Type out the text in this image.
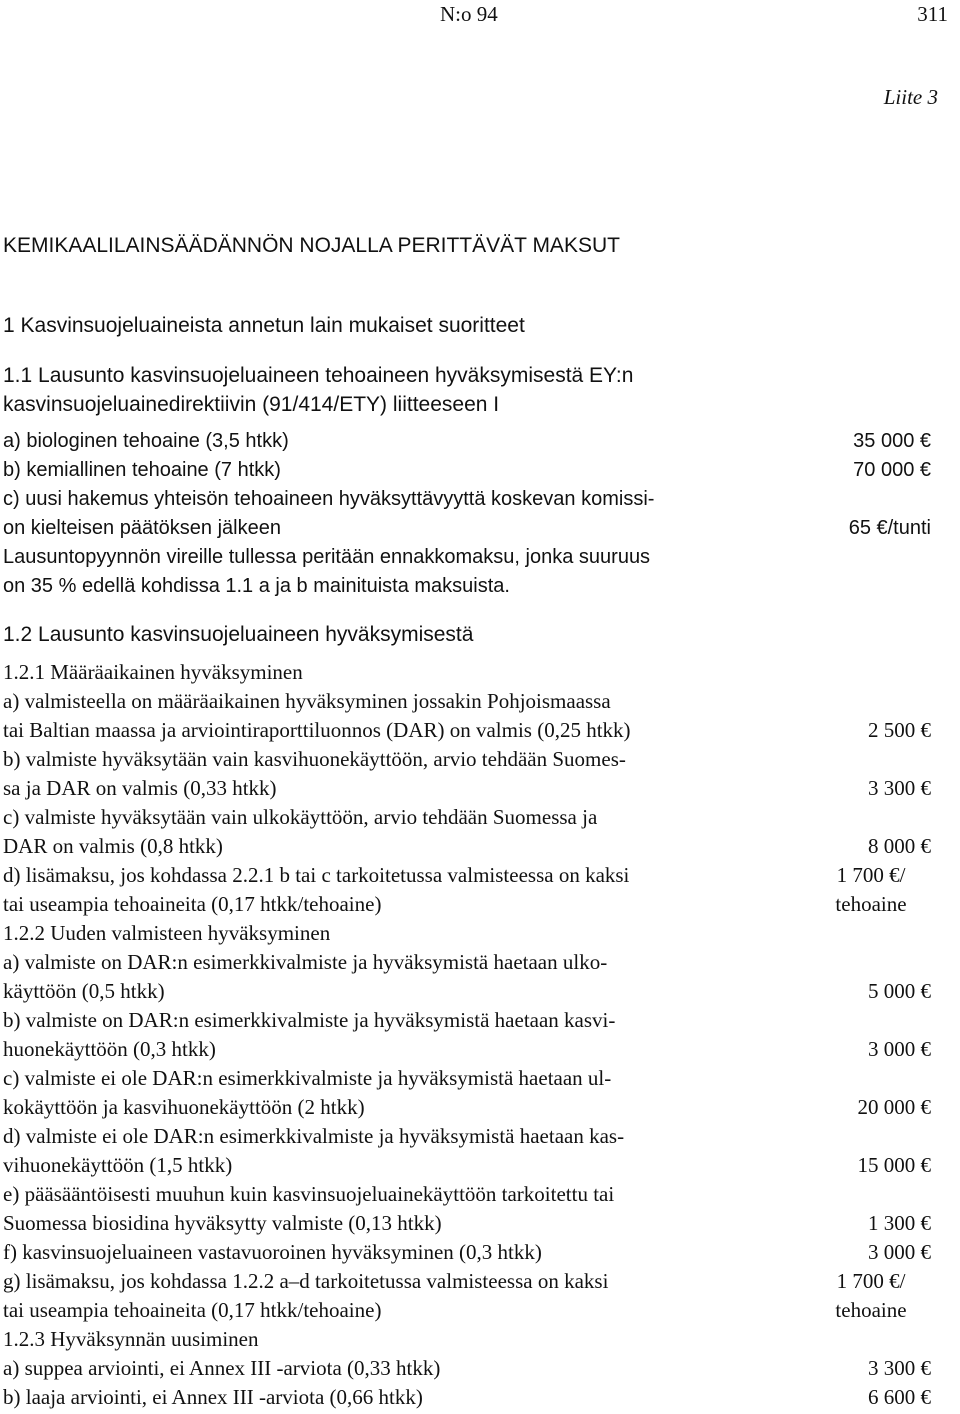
N:o 94	311
Liite 3
KEMIKAALILAINSÄÄDÄNNÖN NOJALLA PERITTÄVÄT MAKSUT
1 Kasvinsuojeluaineista annetun lain mukaiset suoritteet
1.1 Lausunto kasvinsuojeluaineen tehoaineen hyväksymisestä EY:n
kasvinsuojeluainedirektiivin (91/414/ETY) liitteeseen I
a) biologinen tehoaine (3,5 htkk)	35 000 €
b) kemiallinen tehoaine (7 htkk)	70 000 €
c) uusi hakemus yhteisön tehoaineen hyväksyttävyyttä koskevan komissi-
on kielteisen päätöksen jälkeen	65 €/tunti
Lausuntopyynnön vireille tullessa peritään ennakkomaksu, jonka suuruus
on 35 % edellä kohdissa 1.1 a ja b mainituista maksuista.
1.2 Lausunto kasvinsuojeluaineen hyväksymisestä
1.2.1 Määräaikainen hyväksyminen
a) valmisteella on määräaikainen hyväksyminen jossakin Pohjoismaassa
tai Baltian maassa ja arviointiraporttiluonnos (DAR) on valmis (0,25 htkk)	2 500 €
b) valmiste hyväksytään vain kasvihuonekäyttöön, arvio tehdään Suomes-
sa ja DAR on valmis (0,33 htkk)	3 300 €
c) valmiste hyväksytään vain ulkokäyttöön, arvio tehdään Suomessa ja
DAR on valmis (0,8 htkk)	8 000 €
d) lisämaksu, jos kohdassa 2.2.1 b tai c tarkoitetussa valmisteessa on kaksi	1 700 €/
tai useampia tehoaineita (0,17 htkk/tehoaine)	tehoaine
1.2.2 Uuden valmisteen hyväksyminen
a) valmiste on DAR:n esimerkkivalmiste ja hyväksymistä haetaan ulko-
käyttöön (0,5 htkk)	5 000 €
b) valmiste on DAR:n esimerkkivalmiste ja hyväksymistä haetaan kasvi-
huonekäyttöön (0,3 htkk)	3 000 €
c) valmiste ei ole DAR:n esimerkkivalmiste ja hyväksymistä haetaan ul-
kokäyttöön ja kasvihuonekäyttöön (2 htkk)	20 000 €
d) valmiste ei ole DAR:n esimerkkivalmiste ja hyväksymistä haetaan kas-
vihuonekäyttöön (1,5 htkk)	15 000 €
e) pääsääntöisesti muuhun kuin kasvinsuojeluainekäyttöön tarkoitettu tai
Suomessa biosidina hyväksytty valmiste (0,13 htkk)	1 300 €
f) kasvinsuojeluaineen vastavuoroinen hyväksyminen (0,3 htkk)	3 000 €
g) lisämaksu, jos kohdassa 1.2.2 a–d tarkoitetussa valmisteessa on kaksi	1 700 €/
tai useampia tehoaineita (0,17 htkk/tehoaine)	tehoaine
1.2.3 Hyväksynnän uusiminen
a) suppea arviointi, ei Annex III -arviota (0,33 htkk)	3 300 €
b) laaja arviointi, ei Annex III -arviota (0,66 htkk)	6 600 €
